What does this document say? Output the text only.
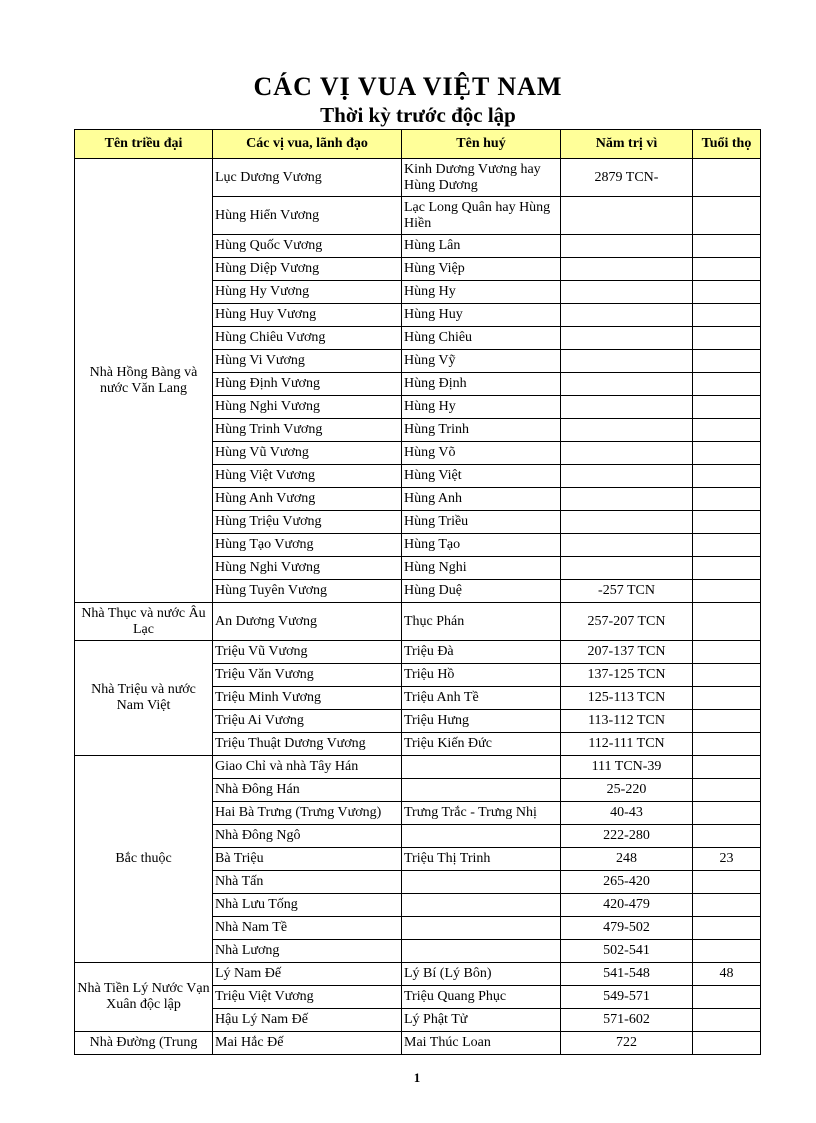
CÁC VỊ VUA VIỆT NAM
Thời kỳ trước độc lập
Tên triều đại	Các vị vua, lãnh đạo	Tên huý	Năm trị vì	Tuổi thọ
Nhà Hồng Bàng và nước Văn Lang	Lục Dương Vương	Kinh Dương Vương hay Hùng Dương	2879 TCN-	
	Hùng Hiển Vương	Lạc Long Quân hay Hùng Hiền		
	Hùng Quốc Vương	Hùng Lân		
	Hùng Diệp Vương	Hùng Việp		
	Hùng Hy Vương	Hùng Hy		
	Hùng Huy Vương	Hùng Huy		
	Hùng Chiêu Vương	Hùng Chiêu		
	Hùng Vi Vương	Hùng Vỹ		
	Hùng Định Vương	Hùng Định		
	Hùng Nghi Vương	Hùng Hy		
	Hùng Trinh Vương	Hùng Trinh		
	Hùng Vũ Vương	Hùng Võ		
	Hùng Việt Vương	Hùng Việt		
	Hùng Anh Vương	Hùng Anh		
	Hùng Triệu Vương	Hùng Triều		
	Hùng Tạo Vương	Hùng Tạo		
	Hùng Nghi Vương	Hùng Nghi		
	Hùng Tuyên Vương	Hùng Duệ	-257 TCN	
Nhà Thục và nước Âu Lạc	An Dương Vương	Thục Phán	257-207 TCN	
Nhà Triệu và nước Nam Việt	Triệu Vũ Vương	Triệu Đà	207-137 TCN	
	Triệu Văn Vương	Triệu Hồ	137-125 TCN	
	Triệu Minh Vương	Triệu Anh Tề	125-113 TCN	
	Triệu Ai Vương	Triệu Hưng	113-112 TCN	
	Triệu Thuật Dương Vương	Triệu Kiến Đức	112-111 TCN	
Bắc thuộc	Giao Chỉ và nhà Tây Hán		111 TCN-39	
	Nhà Đông Hán		25-220	
	Hai Bà Trưng (Trưng Vương)	Trưng Trắc - Trưng Nhị	40-43	
	Nhà Đông Ngô		222-280	
	Bà Triệu	Triệu Thị Trinh	248	23
	Nhà Tấn		265-420	
	Nhà Lưu Tống		420-479	
	Nhà Nam Tề		479-502	
	Nhà Lương		502-541	
Nhà Tiền Lý Nước Vạn Xuân độc lập	Lý Nam Đế	Lý Bí (Lý Bôn)	541-548	48
	Triệu Việt Vương	Triệu Quang Phục	549-571	
	Hậu Lý Nam Đế	Lý Phật Tử	571-602	
Nhà Đường (Trung	Mai Hắc Đế	Mai Thúc Loan	722	
1
